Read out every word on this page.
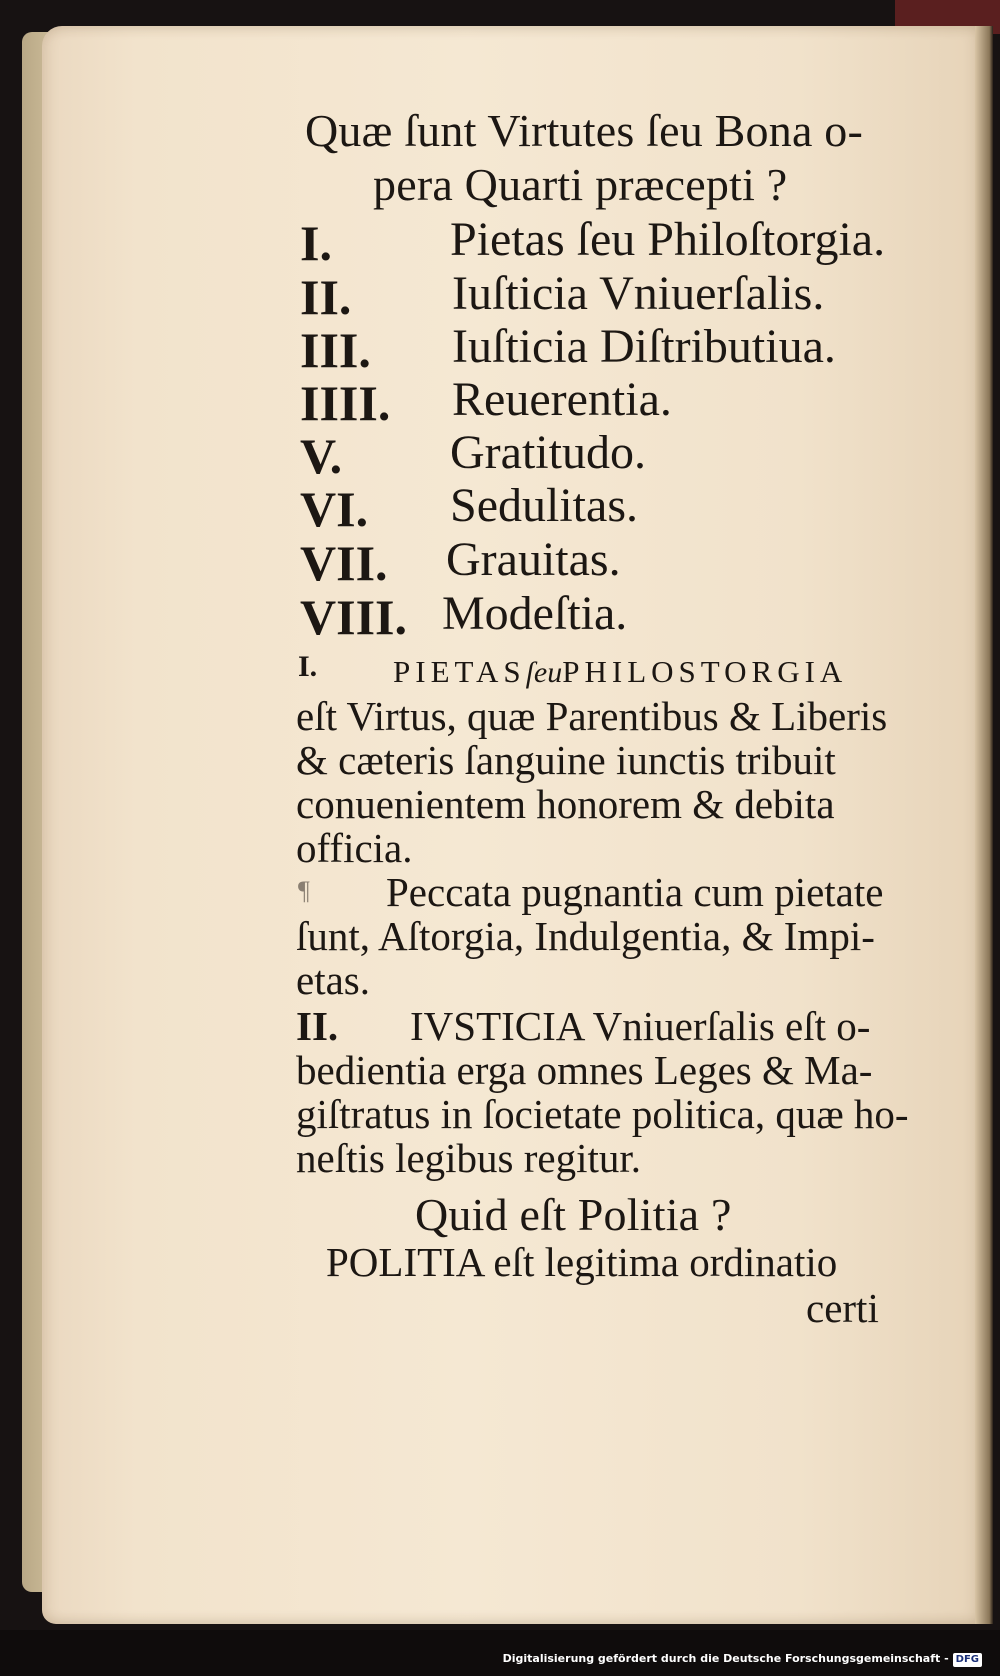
Quæ ſunt Virtutes ſeu Bona o-
pera Quarti præcepti ?
I. Pietas ſeu Philoſtorgia.
II. Iuſticia Vniuerſalis.
III. Iuſticia Diſtributiua.
IIII. Reuerentia.
V. Gratitudo.
VI. Sedulitas.
VII. Grauitas.
VIII. Modeſtia.
I. PIETASſeuPHILOSTORGIA
eſt Virtus, quæ Parentibus & Liberis
& cæteris ſanguine iunctis tribuit
conuenientem honorem & debita
officia.
¶ Peccata pugnantia cum pietate
ſunt, Aſtorgia, Indulgentia, & Impi-
etas.
II. IVSTICIA Vniuerſalis eſt o-
bedientia erga omnes Leges & Ma-
giſtratus in ſocietate politica, quæ ho-
neſtis legibus regitur.
Quid eſt Politia ?
POLITIA eſt legitima ordinatio
certi
Digitalisierung gefördert durch die Deutsche Forschungsgemeinschaft - DFG
